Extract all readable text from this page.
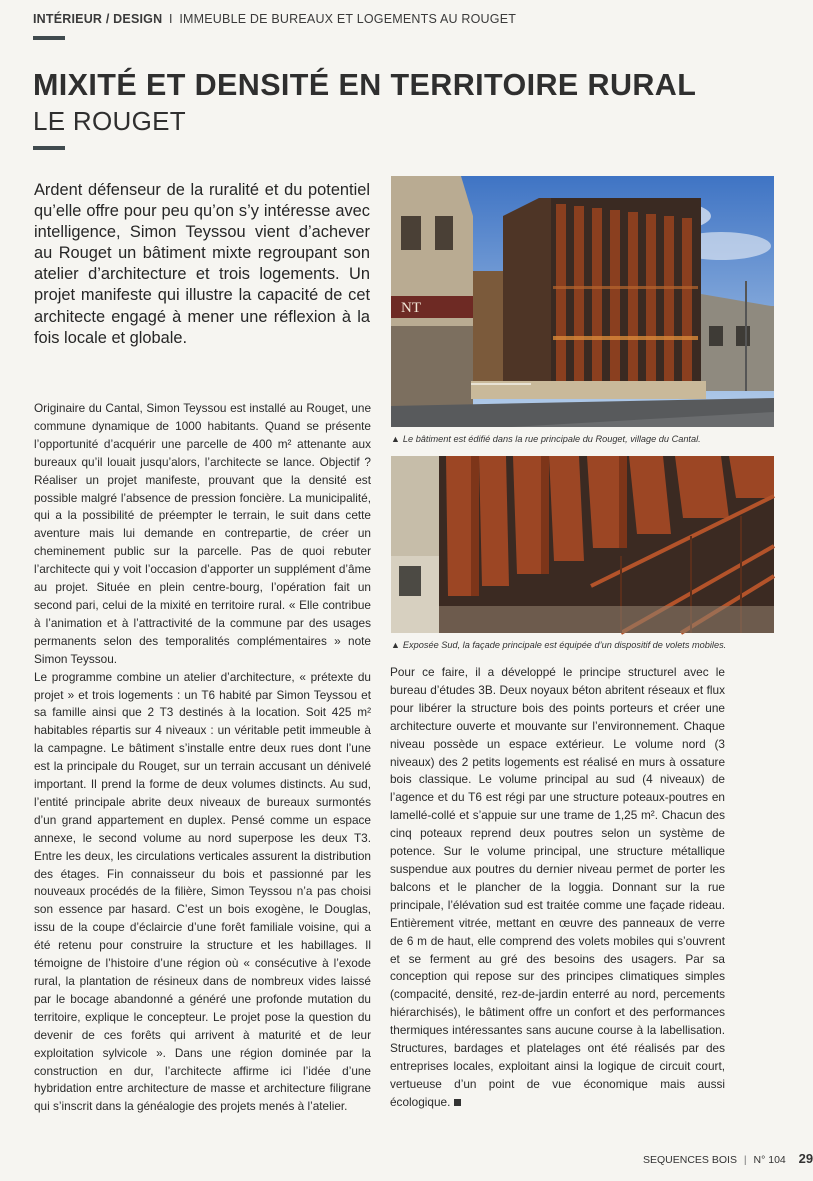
INTÉRIEUR / DESIGN I IMMEUBLE DE BUREAUX ET LOGEMENTS AU ROUGET
MIXITÉ ET DENSITÉ EN TERRITOIRE RURAL
LE ROUGET
Ardent défenseur de la ruralité et du potentiel qu’elle offre pour peu qu’on s’y intéresse avec intelligence, Simon Teyssou vient d’achever au Rouget un bâtiment mixte regroupant son atelier d’architecture et trois logements. Un projet manifeste qui illustre la capacité de cet architecte engagé à mener une réflexion à la fois locale et globale.

Originaire du Cantal, Simon Teyssou est installé au Rouget, une commune dynamique de 1000 habitants. Quand se présente l’opportunité d’acquérir une parcelle de 400 m² attenante aux bureaux qu’il louait jusqu’alors, l’architecte se lance. Objectif ? Réaliser un projet manifeste, prouvant que la densité est possible malgré l’absence de pression foncière. La municipalité, qui a la possibilité de préempter le terrain, le suit dans cette aventure mais lui demande en contrepartie, de créer un cheminement public sur la parcelle. Pas de quoi rebuter l’architecte qui y voit l’occasion d’apporter un supplément d’âme au projet. Située en plein centre-bourg, l’opération fait un second pari, celui de la mixité en territoire rural. « Elle contribue à l’animation et à l’attractivité de la commune par des usages permanents selon des temporalités complémentaires » note Simon Teyssou.

Le programme combine un atelier d’architecture, « prétexte du projet » et trois logements : un T6 habité par Simon Teyssou et sa famille ainsi que 2 T3 destinés à la location. Soit 425 m² habitables répartis sur 4 niveaux : un véritable petit immeuble à la campagne. Le bâtiment s’installe entre deux rues dont l’une est la principale du Rouget, sur un terrain accusant un dénivelé important. Il prend la forme de deux volumes distincts. Au sud, l’entité principale abrite deux niveaux de bureaux surmontés d’un grand appartement en duplex. Pensé comme un espace annexe, le second volume au nord superpose les deux T3. Entre les deux, les circulations verticales assurent la distribution des étages. Fin connaisseur du bois et passionné par les nouveaux procédés de la filière, Simon Teyssou n’a pas choisi son essence par hasard. C’est un bois exogène, le Douglas, issu de la coupe d’éclaircie d’une forêt familiale voisine, qui a été retenu pour construire la structure et les habillages. Il témoigne de l’histoire d’une région où « consécutive à l’exode rural, la plantation de résineux dans de nombreux vides laissé par le bocage abandonné a généré une profonde mutation du territoire, explique le concepteur. Le projet pose la question du devenir de ces forêts qui arrivent à maturité et de leur exploitation sylvicole ». Dans une région dominée par la construction en dur, l’architecte affirme ici l’idée d’une hybridation entre architecture de masse et architecture filigrane qui s’inscrit dans la généalogie des projets menés à l’atelier.

NT
▲ Le bâtiment est édifié dans la rue principale du Rouget, village du Cantal.
▲ Exposée Sud, la façade principale est équipée d’un dispositif de volets mobiles.

Pour ce faire, il a développé le principe structurel avec le bureau d’études 3B. Deux noyaux béton abritent réseaux et flux pour libérer la structure bois des points porteurs et créer une architecture ouverte et mouvante sur l’environnement. Chaque niveau possède un espace extérieur. Le volume nord (3 niveaux) des 2 petits logements est réalisé en murs à ossature bois classique. Le volume principal au sud (4 niveaux) de l’agence et du T6 est régi par une structure poteaux-poutres en lamellé-collé et s’appuie sur une trame de 1,25 m². Chacun des cinq poteaux reprend deux poutres selon un système de potence. Sur le volume principal, une structure métallique suspendue aux poutres du dernier niveau permet de porter les balcons et le plancher de la loggia. Donnant sur la rue principale, l’élévation sud est traitée comme une façade rideau. Entièrement vitrée, mettant en œuvre des panneaux de verre de 6 m de haut, elle comprend des volets mobiles qui s’ouvrent et se ferment au gré des besoins des usagers. Par sa conception qui repose sur des principes climatiques simples (compacité, densité, rez-de-jardin enterré au nord, percements hiérarchisés), le bâtiment offre un confort et des performances thermiques intéressantes sans aucune course à la labellisation. Structures, bardages et platelages ont été réalisés par des entreprises locales, exploitant ainsi la logique de circuit court, vertueuse d’un point de vue économique mais aussi écologique.

SEQUENCES BOIS | N° 104 29
